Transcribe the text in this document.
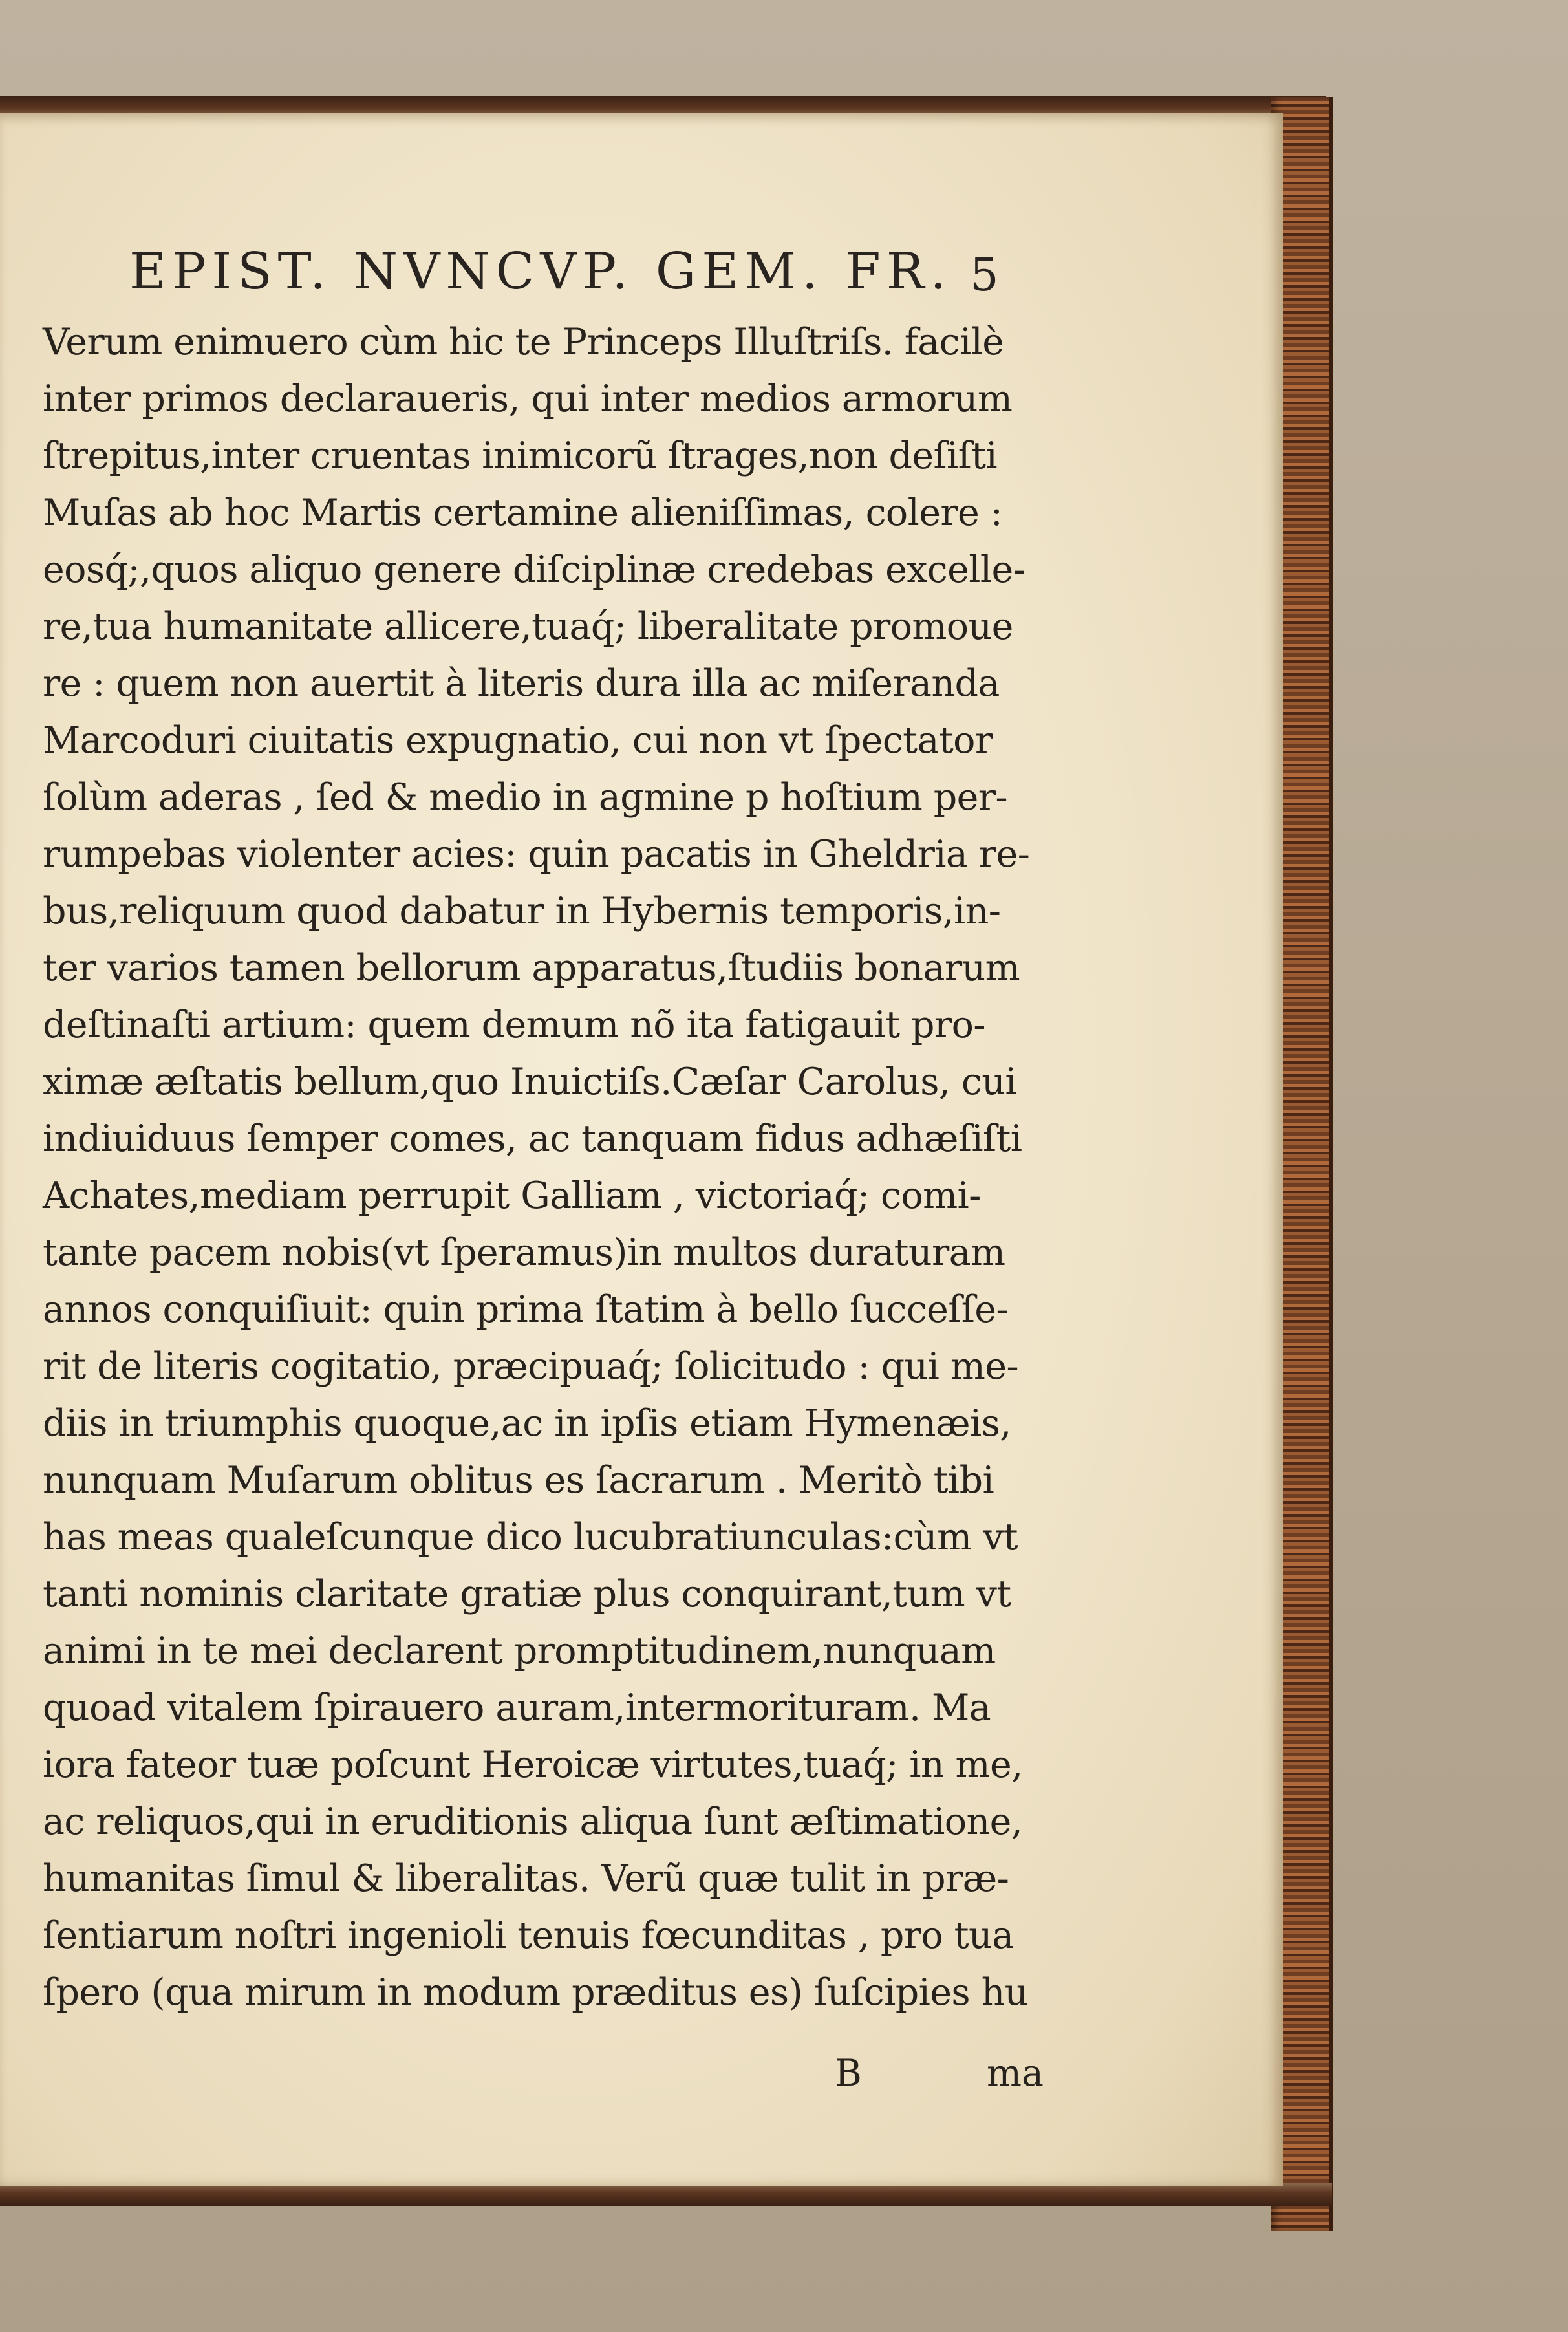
EPIST. NVNCVP. GEM. FR. 5
Verum enimuero cùm hic te Princeps Illuſtriſs. facilè
inter primos declaraueris, qui inter medios armorum
ſtrepitus,inter cruentas inimicorũ ſtrages,non deſiſti
Muſas ab hoc Martis certamine alieniſſimas, colere :
eosq́;,quos aliquo genere diſciplinæ credebas excelle-
re,tua humanitate allicere,tuaq́; liberalitate promoue
re : quem non auertit à literis dura illa ac miſeranda
Marcoduri ciuitatis expugnatio, cui non vt ſpectator
ſolùm aderas , ſed & medio in agmine p hoſtium per-
rumpebas violenter acies: quin pacatis in Gheldria re-
bus,reliquum quod dabatur in Hybernis temporis,in-
ter varios tamen bellorum apparatus,ſtudiis bonarum
deſtinaſti artium: quem demum nõ ita fatigauit pro-
ximæ æſtatis bellum,quo Inuictiſs.Cæſar Carolus, cui
indiuiduus ſemper comes, ac tanquam fidus adhæſiſti
Achates,mediam perrupit Galliam , victoriaq́; comi-
tante pacem nobis(vt ſperamus)in multos duraturam
annos conquiſiuit: quin prima ſtatim à bello ſucceſſe-
rit de literis cogitatio, præcipuaq́; ſolicitudo : qui me-
diis in triumphis quoque,ac in ipſis etiam Hymenæis,
nunquam Muſarum oblitus es ſacrarum . Meritò tibi
has meas qualeſcunque dico lucubratiunculas:cùm vt
tanti nominis claritate gratiæ plus conquirant,tum vt
animi in te mei declarent promptitudinem,nunquam
quoad vitalem ſpirauero auram,intermorituram. Ma
iora fateor tuæ poſcunt Heroicæ virtutes,tuaq́; in me,
ac reliquos,qui in eruditionis aliqua ſunt æſtimatione,
humanitas ſimul & liberalitas. Verũ quæ tulit in præ-
ſentiarum noſtri ingenioli tenuis fœcunditas , pro tua
ſpero (qua mirum in modum præditus es) ſuſcipies hu
B	ma
